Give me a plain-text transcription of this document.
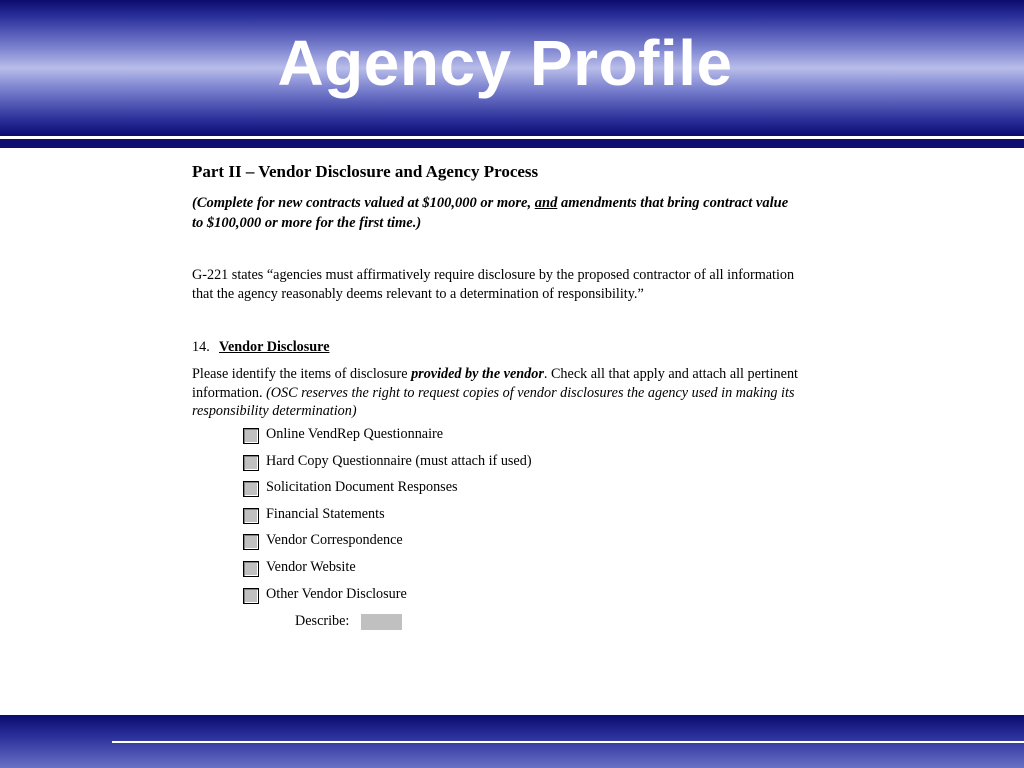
Agency Profile
Part II – Vendor Disclosure and Agency Process
(Complete for new contracts valued at $100,000 or more, and amendments that bring contract value to $100,000 or more for the first time.)
G-221 states “agencies must affirmatively require disclosure by the proposed contractor of all information that the agency reasonably deems relevant to a determination of responsibility.”
14. Vendor Disclosure
Please identify the items of disclosure provided by the vendor. Check all that apply and attach all pertinent information. (OSC reserves the right to request copies of vendor disclosures the agency used in making its responsibility determination)
Online VendRep Questionnaire
Hard Copy Questionnaire (must attach if used)
Solicitation Document Responses
Financial Statements
Vendor Correspondence
Vendor Website
Other Vendor Disclosure
Describe:
